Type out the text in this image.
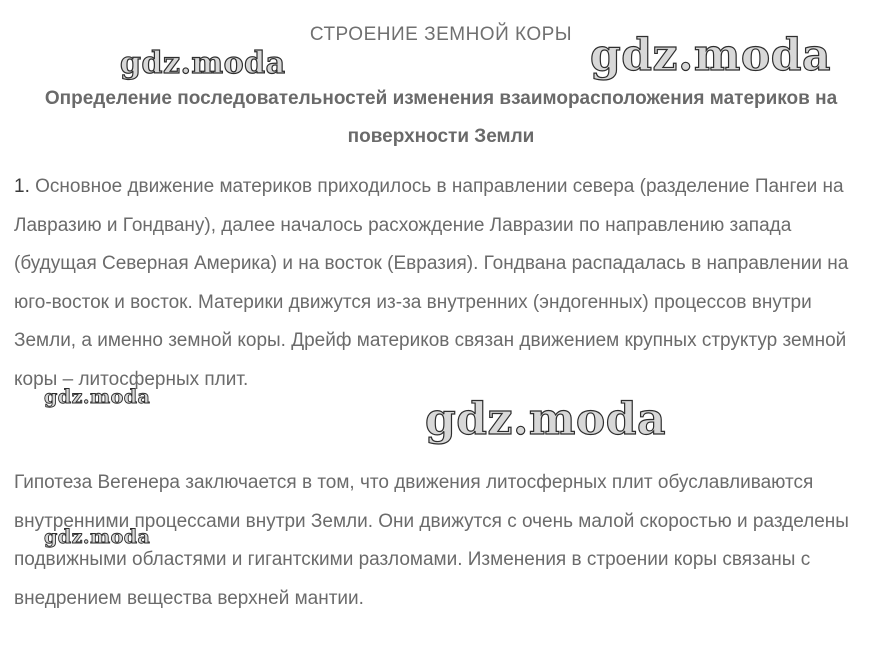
СТРОЕНИЕ ЗЕМНОЙ КОРЫ
Определение последовательностей изменения взаиморасположения материков на поверхности Земли
1. Основное движение материков приходилось в направлении севера (разделение Пангеи на Лавразию и Гондвану), далее началось расхождение Лавразии по направлению запада (будущая Северная Америка) и на восток (Евразия). Гондвана распадалась в направлении на юго-восток и восток. Материки движутся из-за внутренних (эндогенных) процессов внутри Земли, а именно земной коры. Дрейф материков связан движением крупных структур земной коры – литосферных плит.
Гипотеза Вегенера заключается в том, что движения литосферных плит обуславливаются внутренними процессами внутри Земли. Они движутся с очень малой скоростью и разделены подвижными областями и гигантскими разломами. Изменения в строении коры связаны с внедрением вещества верхней мантии.
gdz.moda	gdz.moda
gdz.moda	gdz.moda
gdz.moda
